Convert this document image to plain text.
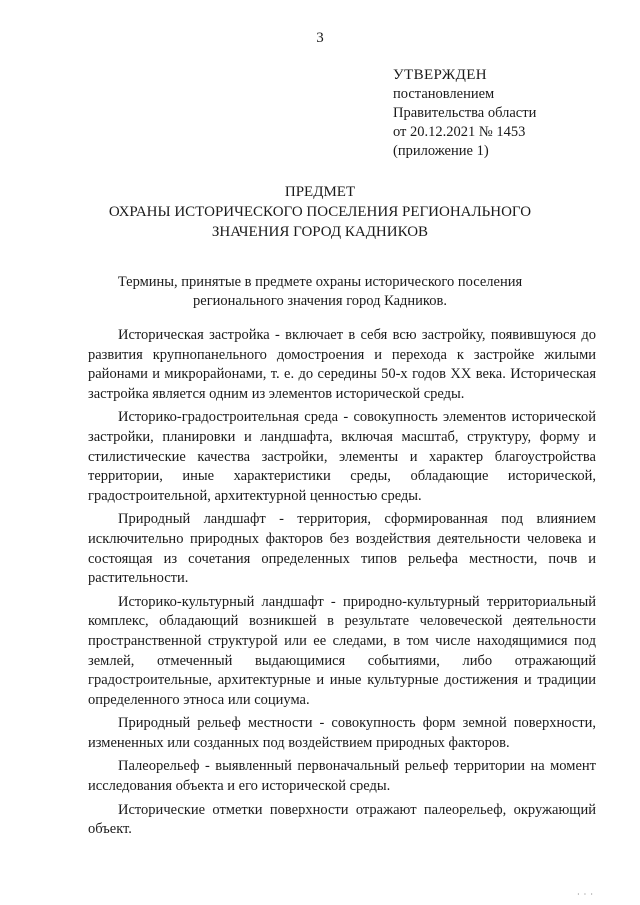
3
УТВЕРЖДЕН
постановлением
Правительства области
от 20.12.2021 № 1453
(приложение 1)
ПРЕДМЕТ
ОХРАНЫ ИСТОРИЧЕСКОГО ПОСЕЛЕНИЯ РЕГИОНАЛЬНОГО
ЗНАЧЕНИЯ ГОРОД КАДНИКОВ
Термины, принятые в предмете охраны исторического поселения
регионального значения город Кадников.

Историческая застройка - включает в себя всю застройку, появившуюся до развития крупнопанельного домостроения и перехода к застройке жилыми районами и микрорайонами, т. е. до середины 50-х годов XX века. Историческая застройка является одним из элементов исторической среды.

Историко-градостроительная среда - совокупность элементов исторической застройки, планировки и ландшафта, включая масштаб, структуру, форму и стилистические качества застройки, элементы и характер благоустройства территории, иные характеристики среды, обладающие исторической, градостроительной, архитектурной ценностью среды.

Природный ландшафт - территория, сформированная под влиянием исключительно природных факторов без воздействия деятельности человека и состоящая из сочетания определенных типов рельефа местности, почв и растительности.

Историко-культурный ландшафт - природно-культурный территориальный комплекс, обладающий возникшей в результате человеческой деятельности пространственной структурой или ее следами, в том числе находящимися под землей, отмеченный выдающимися событиями, либо отражающий градостроительные, архитектурные и иные культурные достижения и традиции определенного этноса или социума.

Природный рельеф местности - совокупность форм земной поверхности, измененных или созданных под воздействием природных факторов.

Палеорельеф - выявленный первоначальный рельеф территории на момент исследования объекта и его исторической среды.

Исторические отметки поверхности отражают палеорельеф, окружающий объект.

· · ·
